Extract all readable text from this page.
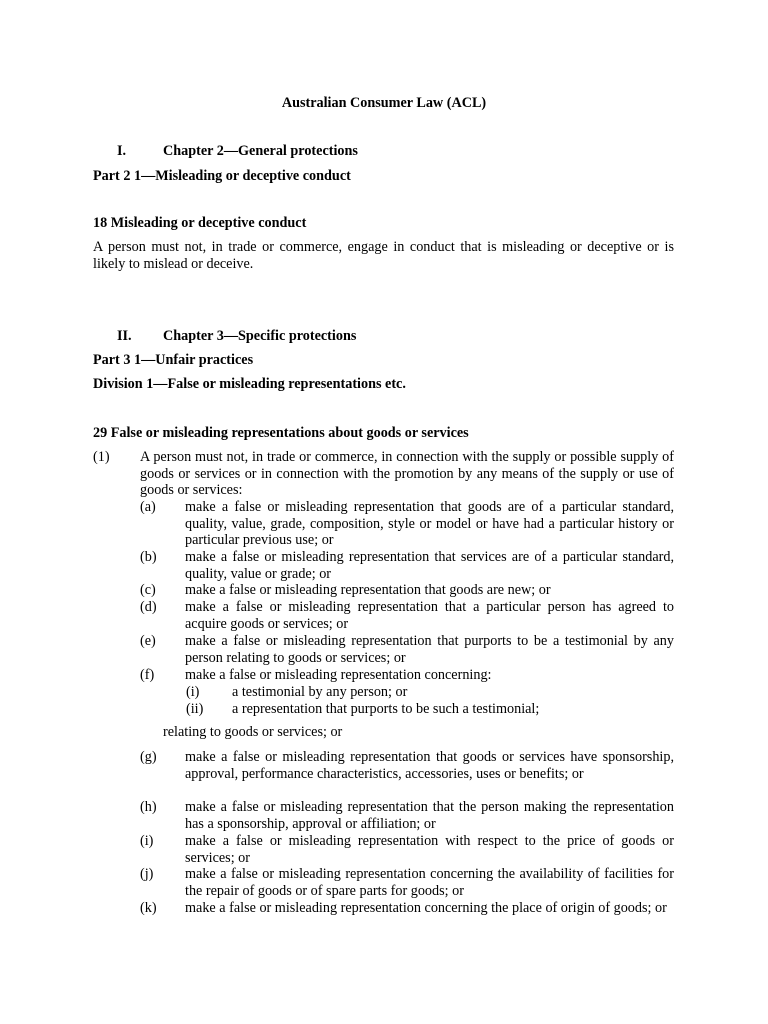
Australian Consumer Law (ACL)
I.	Chapter 2—General protections
Part 2 1—Misleading or deceptive conduct
18 Misleading or deceptive conduct
A person must not, in trade or commerce, engage in conduct that is misleading or deceptive or is likely to mislead or deceive.
II. Chapter 3—Specific protections
Part 3 1—Unfair practices
Division 1—False or misleading representations etc.
29 False or misleading representations about goods or services
(1) A person must not, in trade or commerce, in connection with the supply or possible supply of goods or services or in connection with the promotion by any means of the supply or use of goods or services:
(a) make a false or misleading representation that goods are of a particular standard, quality, value, grade, composition, style or model or have had a particular history or particular previous use; or
(b) make a false or misleading representation that services are of a particular standard, quality, value or grade; or
(c) make a false or misleading representation that goods are new; or
(d) make a false or misleading representation that a particular person has agreed to acquire goods or services; or
(e) make a false or misleading representation that purports to be a testimonial by any person relating to goods or services; or
(f) make a false or misleading representation concerning:
(i) a testimonial by any person; or
(ii) a representation that purports to be such a testimonial;
relating to goods or services; or
(g) make a false or misleading representation that goods or services have sponsorship, approval, performance characteristics, accessories, uses or benefits; or
(h) make a false or misleading representation that the person making the representation has a sponsorship, approval or affiliation; or
(i) make a false or misleading representation with respect to the price of goods or services; or
(j) make a false or misleading representation concerning the availability of facilities for the repair of goods or of spare parts for goods; or
(k) make a false or misleading representation concerning the place of origin of goods; or
